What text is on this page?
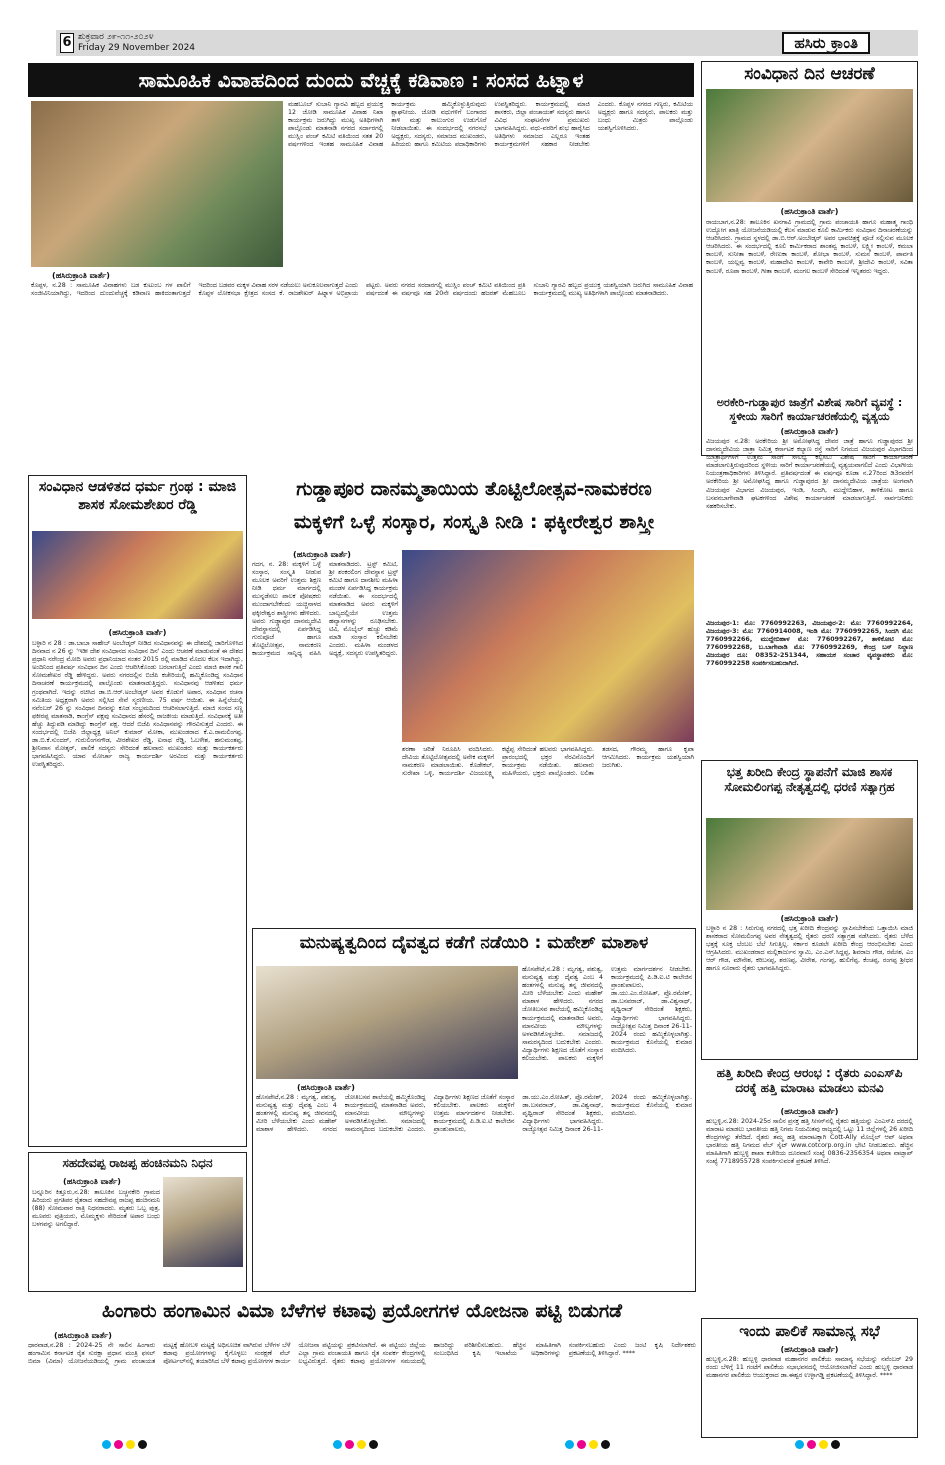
6 ಶುಕ್ರವಾರ ೨೯-೧೧-೨೦೨೪
Friday 29 November 2024	ಹಸಿರು ಕ್ರಾಂತಿ
ಸಾಮೂಹಿಕ ವಿವಾಹದಿಂದ ದುಂದು ವೆಚ್ಚಕ್ಕೆ ಕಡಿವಾಣ : ಸಂಸದ ಹಿಟ್ನಾಳ
(ಹಸಿರುಕ್ರಾಂತಿ ವಾರ್ತೆ)
ಮಹಬೂಬ್ ಸುಬಾನಿ ಗ್ಯಾರವಿ ಹಬ್ಬದ ಪ್ರಯುಕ್ತ 12 ಜೋಡಿ ಸಾಮೂಹಿಕ ವಿವಾಹ ನಿಖಾ ಕಾರ್ಯಕ್ರಮ ಜರುಗಿದ್ದು ಮುಖ್ಯ ಅತಿಥಿಗಳಾಗಿ ಪಾಲ್ಗೊಂಡು ಮಾತನಾಡಿ ನಗರದ ಸರ್ದಾರಗಲ್ಲಿ ಮುಸ್ಲಿಂ ಪಂಚ್ ಕಮಿಟಿ ವತಿಯಿಂದ ಸತತ 20 ವರ್ಷಗಳಿಂದ ಇಂತಹ ಸಾಮೂಹಿಕ ವಿವಾಹ ಕಾರ್ಯಕ್ರಮ ಹಮ್ಮಿಕೊಳ್ಳುತ್ತಿರುವುದು ಶ್ಲಾಘನೀಯ. ಜೋಡಿ ವಧುಗಳಿಗೆ ಬಂಗಾರದ ತಾಳಿ ಮತ್ತು ಕಾಲುಂಗುರ ಉಡುಗೊರೆ ನೀಡಲಾಯಿತು. ಈ ಸಂದರ್ಭದಲ್ಲಿ ನಗರಸಭೆ ಅಧ್ಯಕ್ಷರು, ಸದಸ್ಯರು, ಸಮಾಜದ ಮುಖಂಡರು, ಹಿರಿಯರು ಹಾಗೂ ಕಮಿಟಿಯ ಪದಾಧಿಕಾರಿಗಳು ಉಪಸ್ಥಿತರಿದ್ದರು. ಕಾರ್ಯಕ್ರಮದಲ್ಲಿ ಮಾಜಿ ಶಾಸಕರು, ಜಿಲ್ಲಾ ಪಂಚಾಯತ್ ಸದಸ್ಯರು ಹಾಗೂ ವಿವಿಧ ಸಂಘಟನೆಗಳ ಪ್ರಮುಖರು ಭಾಗವಹಿಸಿದ್ದರು. ವಧು-ವರರಿಗೆ ಶುಭ ಹಾರೈಸಿದ ಅತಿಥಿಗಳು ಸಮಾಜದ ಎಲ್ಲರೂ ಇಂತಹ ಕಾರ್ಯಕ್ರಮಗಳಿಗೆ ಸಹಕಾರ ನೀಡಬೇಕು ಎಂದರು. ಕೊಪ್ಪಳ ನಗರದ ಗಣ್ಯರು, ಕಮಿಟಿಯ ಅಧ್ಯಕ್ಷರು ಹಾಗೂ ಸದಸ್ಯರು, ಪಾಲಕರು ಮತ್ತು ಬಂಧು ಮಿತ್ರರು ಪಾಲ್ಗೊಂಡು ಯಶಸ್ವಿಗೊಳಿಸಿದರು.
ಕೊಪ್ಪಳ, ನ.28 : ಸಾಮೂಹಿಕ ವಿವಾಹಗಳು ಬಡ ಕುಟುಂಬ ಗಳ ಪಾಲಿಗೆ ಸಂಜೀವಿನಿಯಾಗಿದ್ದು, ಇದರಿಂದ ದುಂದುವೆಚ್ಚಕ್ಕೆ ಕಡಿವಾಣ ಹಾಕಿದಂತಾಗುತ್ತದೆ ಇದರಿಂದ ಬಡವರ ಮಕ್ಕಳ ವಿವಾಹ ಸರಳ ನಡೆಯಲು ಅನುಕೂಲವಾಗುತ್ತದೆ ಎಂದು ಕೊಪ್ಪಳ ಲೋಕಸಭಾ ಕ್ಷೇತ್ರದ ಸಂಸದ ಕೆ. ರಾಜಶೇಖರ್ ಹಿಟ್ನಾಳ ಅಭಿಪ್ರಾಯ ಪಟ್ಟರು. ಅವರು ನಗರದ ಸರದಾರಗಲ್ಲಿ ಮುಸ್ಲಿಂ ಪಂಚ್ ಕಮಿಟಿ ವತಿಯಿಂದ ಪ್ರತಿ ವರ್ಷದಂತೆ ಈ ವರ್ಷವೂ ಸಹ 20ನೇ ವರ್ಷದಂದು ಹಜರತ್ ಮೆಹಬೂಬ ಸುಬಾನಿ ಗ್ಯಾರವಿ ಹಬ್ಬದ ಪ್ರಯುಕ್ತ ಯಶಸ್ವಿಯಾಗಿ ಜರುಗಿದ ಸಾಮೂಹಿಕ ವಿವಾಹ ಕಾರ್ಯಕ್ರಮದಲ್ಲಿ ಮುಖ್ಯ ಅತಿಥಿಗಳಾಗಿ ಪಾಲ್ಗೊಂಡು ಮಾತನಾಡಿದರು.
ಸಂವಿಧಾನ ದಿನ ಆಚರಣೆ
(ಹಸಿರುಕ್ರಾಂತಿ ವಾರ್ತೆ)
ರಾಯಬಾಗ,ನ.28: ತಾಲೂಕಿನ ಖನಗಾವಿ ಗ್ರಾಮದಲ್ಲಿ ಗ್ರಾಮ ಪಂಚಾಯತಿ ಹಾಗೂ ಮಹಾತ್ಮ ಗಾಂಧಿ ಉದ್ಯೋಗ ಖಾತ್ರಿ ಯೋಜನೆಯಡಿಯಲ್ಲಿ ಕೆಲಸ ಮಾಡುವ ಕೂಲಿ ಕಾರ್ಮಿಕರು ಸಂವಿಧಾನ ದಿನಾಚರಣೆಯನ್ನು ಆಚರಿಸಿದರು. ಗ್ರಾಮದ ಸ್ಥಳದಲ್ಲಿ ಡಾ.ಬಿ.ಆರ್.ಅಂಬೇಡ್ಕರ್ ಅವರ ಭಾವಚಿತ್ರಕ್ಕೆ ಪೂಜೆ ಸಲ್ಲಿಸುವ ಮೂಲಕ ಆಚರಿಸಿದರು. ಈ ಸಂದರ್ಭದಲ್ಲಿ ಕೂಲಿ ಕಾರ್ಮಿಕರಾದ ಶಾಂತವ್ವ ಕಾಂಬಳೆ, ಲಕ್ಷ್ಮೀ ಕಾಂಬಳೆ, ಕಮಲಾ ಕಾಂಬಳೆ, ಸುನೀತಾ ಕಾಂಬಳೆ, ರೇಣುಕಾ ಕಾಂಬಳೆ, ಶೋಭಾ ಕಾಂಬಳೆ, ಸುಮನ ಕಾಂಬಳೆ, ಪಾರ್ವತಿ ಕಾಂಬಳೆ, ಯಲ್ಲವ್ವ ಕಾಂಬಳೆ, ಮಹಾದೇವಿ ಕಾಂಬಳೆ, ಕಾವೇರಿ ಕಾಂಬಳೆ, ಶ್ರೀದೇವಿ ಕಾಂಬಳೆ, ಸವಿತಾ ಕಾಂಬಳೆ, ರೂಪಾ ಕಾಂಬಳೆ, ಗೀತಾ ಕಾಂಬಳೆ, ಮಂಗಲ ಕಾಂಬಳೆ ಸೇರಿದಂತೆ ಇನ್ನಿತರರು ಇದ್ದರು.
ಅರಕೇರಿ-ಗುಡ್ಡಾಪುರ ಜಾತ್ರೆಗೆ ವಿಶೇಷ ಸಾರಿಗೆ ವ್ಯವಸ್ಥೆ : ಸ್ಥಳೀಯ ಸಾರಿಗೆ ಕಾರ್ಯಾಚರಣೆಯಲ್ಲಿ ವ್ಯತ್ಯಯ
(ಹಸಿರುಕ್ರಾಂತಿ ವಾರ್ತೆ)
ವಿಜಯಪುರ ನ.28: ಅರಕೇರಿಯ ಶ್ರೀ ಅಮೋಘಸಿದ್ಧ ದೇವರ ಜಾತ್ರೆ ಹಾಗೂ ಗುಡ್ಡಾಪುರದ ಶ್ರೀ ದಾನಮ್ಮದೇವಿಯ ಜಾತ್ರಾ ನಿಮಿತ್ತ ಕರ್ನಾಟಕ ಕಲ್ಯಾಣ ರಸ್ತೆ ಸಾರಿಗೆ ನಿಗಮದ ವಿಜಯಪುರ ವಿಭಾಗದಿಂದ ಯಾತ್ರಾರ್ಥಿಗಳಿಗೆ ಉತ್ತಮ ಸಾರಿಗೆ ಸೌಲಭ್ಯ ಕಲ್ಪಿಸಲು ವಿಶೇಷ ಸಾರಿಗೆ ಕಾರ್ಯಾಚರಣೆ ಮಾಡಲಾಗುತ್ತಿರುವುದರಿಂದ ಸ್ಥಳೀಯ ಸಾರಿಗೆ ಕಾರ್ಯಾಚರಣೆಯಲ್ಲಿ ವ್ಯತ್ಯಯವಾಗಲಿದೆ ಎಂದು ವಿಭಾಗೀಯ ನಿಯಂತ್ರಣಾಧಿಕಾರಿಗಳು ತಿಳಿಸಿದ್ದಾರೆ. ಪ್ರತಿವರ್ಷದಂತೆ ಈ ವರ್ಷವೂ ಕೂಡಾ ನ.27ರಿಂದ ಡಿ3ರವರೆಗೆ ಅರಕೇರಿಯ ಶ್ರೀ ಅಮೋಘಸಿದ್ಧ ಹಾಗೂ ಗುಡ್ಡಾಪುರದ ಶ್ರೀ ದಾನಮ್ಮದೇವಿಯ ಜಾತ್ರೆಯ ಅಂಗವಾಗಿ ವಿಜಯಪುರ ವಿಭಾಗದ ವಿಜಯಪುರ, ಇಂಡಿ, ಸಿಂದಗಿ, ಮುದ್ದೇಬಿಹಾಳ, ತಾಳಿಕೋಟ ಹಾಗೂ ಬಸವನಬಾಗೇವಾಡಿ ಘಟಕಗಳಿಂದ ವಿಶೇಷ ಕಾರ್ಯಾಚರಣೆ ಮಾಡಲಾಗುತ್ತಿದೆ. ಸಾರ್ವಜನಿಕರು ಸಹಕರಿಸಬೇಕು.
ವಿಜಯಪುರ-1: ಮೊ: 7760992263, ವಿಜಯಪುರ-2: ಮೊ: 7760992264, ವಿಜಯಪುರ-3: ಮೊ: 7760914008, ಇಂಡಿ ಮೊ: 7760992265, ಸಿಂದಗಿ ಮೊ: 7760992266, ಮುದ್ದೇಬಿಹಾಳ ಮೊ: 7760992267, ತಾಳಿಕೋಟಿ ಮೊ: 7760992268, ಬ.ಬಾಗೇವಾಡಿ ಮೊ: 7760992269, ಕೇಂದ್ರ ಬಸ್ ನಿಲ್ದಾಣ ವಿಜಯಪುರ ದೂ: 08352-251344, ಸಹಾಯಕ ಸಂಚಾರ ವ್ಯವಸ್ಥಾಪಕರು ಮೊ: 7760992258 ಸಂಪರ್ಕಿಸಬಹುದಾಗಿದೆ.
ಸಂವಿಧಾನ ಆಡಳಿತದ ಧರ್ಮ ಗ್ರಂಥ : ಮಾಜಿ ಶಾಸಕ ಸೋಮಶೇಖರ ರೆಡ್ಡಿ
(ಹಸಿರುಕ್ರಾಂತಿ ವಾರ್ತೆ)
ಬಳ್ಳಾರಿ ನ 28 : ಡಾ.ಬಾಬಾ ಸಾಹೇಬ್ ಅಂಬೇಡ್ಕರ್ ನೀಡಿದ ಸಂವಿಧಾನವನ್ನು ಈ ದೇಶದಲ್ಲಿ ಜಾರಿಗೊಳಿಸಿದ ದಿನವಾದ ನ 26 ನ್ನು 'ಇಡೀ ದೇಶ ಸಂವಿಧಾನದ ಸಂವಿಧಾನ ದಿನ' ಎಂದು ಆಚರಣೆ ಮಾಡುವಂತೆ ಈ ದೇಶದ ಪ್ರಧಾನಿ ನರೇಂದ್ರ ಮೋದಿ ಅವರು ಪ್ರಧಾನಿಯಾದ ನಂತರ 2015 ರಲ್ಲಿ ಮಾಡಿದ ಮೊದಲ ಕೆಲಸ ಇದಾಗಿದ್ದು, ಅಂದಿನಿಂದ ಪ್ರತಿವರ್ಷ ಸಂವಿಧಾನ ದಿನ ಎಂದು ಆಚರಿಸಿಕೊಂಡು ಬರಲಾಗುತ್ತಿದೆ ಎಂದು ಮಾಜಿ ಶಾಸಕ ಗಾಲಿ ಸೋಮಶೇಖರ ರೆಡ್ಡಿ ಹೇಳಿದ್ದರು. ಅವರು ನಗರದಲ್ಲಿನ ಬಿಜೆಪಿ ಕಚೇರಿಯಲ್ಲಿ ಹಮ್ಮಿಕೊಂಡಿದ್ದ ಸಂವಿಧಾನ ದಿನಾಚರಣೆ ಕಾರ್ಯಕ್ರಮದಲ್ಲಿ ಪಾಲ್ಗೊಂಡು ಮಾತನಾಡುತ್ತಿದ್ದರು. ಸಂವಿಧಾನವು ಆಡಳಿತದ ಧರ್ಮ ಗ್ರಂಥವಾಗಿದೆ. ಇದನ್ನು ರಚಿಸಿದ ಡಾ.ಬಿ.ಆರ್.ಅಂಬೇಡ್ಕರ್ ಅವರ ಕೊಡುಗೆ ಅಪಾರ, ಸಂವಿಧಾನ ರಚನಾ ಸಮಿತಿಯ ಅಧ್ಯಕ್ಷರಾಗಿ ಅವರು ಸಲ್ಲಿಸಿದ ಸೇವೆ ಸ್ಮರಣೀಯ. 75 ವರ್ಷ ಆಯಿತು. ಈ ಹಿನ್ನೆಲೆಯಲ್ಲಿ ನವೆಂಬರ್ 26 ನ್ನು ಸಂವಿಧಾನ ದಿನವನ್ನು ಕೂಡ ಸಂಭ್ರಮದಿಂದ ಆಚರಿಸಲಾಗುತ್ತಿದೆ. ಮಾಜಿ ಸಂಸದ ಸಣ್ಣ ಫಕೀರಪ್ಪ ಮಾತನಾಡಿ, ಕಾಂಗ್ರೆಸ್ ಪಕ್ಷವು ಸಂವಿಧಾನದ ಹೆಸರಲ್ಲಿ ರಾಜಕೀಯ ಮಾಡುತ್ತಿದೆ. ಸಂವಿಧಾನಕ್ಕೆ ಅತೀ ಹೆಚ್ಚು ತಿದ್ದುಪಡಿ ಮಾಡಿದ್ದು ಕಾಂಗ್ರೆಸ್ ಪಕ್ಷ. ಆದರೆ ಬಿಜೆಪಿ ಸಂವಿಧಾನವನ್ನು ಗೌರವಿಸುತ್ತದೆ ಎಂದರು. ಈ ಸಂದರ್ಭದಲ್ಲಿ ಬಿಜೆಪಿ ಜಿಲ್ಲಾಧ್ಯಕ್ಷ ಅನಿಲ್ ಕುಮಾರ್ ಮೋಕಾ, ಮುಖಂಡರಾದ ಕೆ.ಎ.ರಾಮಲಿಂಗಪ್ಪ, ಡಾ.ಬಿ.ಕೆ.ಸುಂದರ್, ಗುರುಲಿಂಗನಗೌಡ, ವೀರಶೇಖರ ರೆಡ್ಡಿ, ಐನಾಥ ರೆಡ್ಡಿ, ಓಬಳೇಶ, ಹನುಮಂತಪ್ಪ, ಶ್ರೀನಿವಾಸ ಮೋತ್ಕರ್, ಪಾಲಿಕೆ ಸದಸ್ಯರು ಸೇರಿದಂತೆ ಹಲವಾರು ಮುಖಂಡರು ಮತ್ತು ಕಾರ್ಯಕರ್ತರು ಭಾಗವಹಿಸಿದ್ದರು. ಯಾವ ಮೋರ್ಚಾ ರಾಜ್ಯ ಕಾರ್ಯದರ್ಶಿ ಅರವಿಂದ ಮತ್ತು ಕಾರ್ಯಕರ್ತರು ಉಪಸ್ಥಿತರಿದ್ದರು.
ಗುಡ್ಡಾಪೂರ ದಾನಮ್ಮತಾಯಿಯ ತೊಟ್ಟಿಲೋತ್ಸವ-ನಾಮಕರಣ
ಮಕ್ಕಳಿಗೆ ಒಳ್ಳೆ ಸಂಸ್ಕಾರ, ಸಂಸ್ಕೃತಿ ನೀಡಿ : ಫಕ್ಕೀರೇಶ್ವರ ಶಾಸ್ತ್ರೀ
(ಹಸಿರುಕ್ರಾಂತಿ ವಾರ್ತೆ)
ಗದಗ, ನ. 28: ಮಕ್ಕಳಿಗೆ ಒಳ್ಳೆ ಸಂಸ್ಕಾರ, ಸಂಸ್ಕೃತಿ ನೀಡುವ ಮೂಲಕ ಅವರಿಗೆ ಉತ್ತಮ ಶಿಕ್ಷಣ ನೀಡಿ ಧರ್ಮ ಮಾರ್ಗದಲ್ಲಿ ಮುನ್ನಡೆಸಲು ಪಾಲಕ ಪೋಷಕರು ಮುಂದಾಗಬೇಕೆಂದು ಯಚ್ಚಿನಾಳದ ಫಕ್ಕೀರೇಶ್ವರ ಶಾಸ್ತ್ರೀಗಳು ಹೇಳಿದರು. ಅವರು ಗುಡ್ಡಾಪುರ ದಾನಮ್ಮದೇವಿ ದೇವಸ್ಥಾನದಲ್ಲಿ ಏರ್ಪಡಿಸಿದ್ದ ಗುರುಪೂಜೆ ಹಾಗೂ ತೊಟ್ಟಿಲೋತ್ಸವ, ನಾಮಕರಣ ಕಾರ್ಯಕ್ರಮದ ಸಾನ್ನಿಧ್ಯ ವಹಿಸಿ ಮಾತನಾಡಿದರು. ಟ್ರಸ್ಟ್ ಕಮಿಟಿ, ಶ್ರೀ ಶಂಕರಲಿಂಗ ದೇವಸ್ಥಾನ ಟ್ರಸ್ಟ್ ಕಮಿಟಿ ಹಾಗೂ ದಾನಶೀಲ ಮಹಿಳಾ ಮಂಡಳ ಏರ್ಪಡಿಸಿದ್ದ ಕಾರ್ಯಕ್ರಮ ನಡೆಯಿತು. ಈ ಸಂದರ್ಭದಲ್ಲಿ ಮಾತನಾಡಿದ ಅವರು ಮಕ್ಕಳಿಗೆ ಬಾಲ್ಯದಲ್ಲಿಯೇ ಉತ್ತಮ ಹವ್ಯಾಸಗಳನ್ನು ರೂಢಿಸಬೇಕು. ಟಿವಿ, ಮೊಬೈಲ್ ಹುಚ್ಚು ಕಡಿಮೆ ಮಾಡಿ ಸಂಸ್ಕಾರ ಕಲಿಸಬೇಕು ಎಂದರು. ಮಹಿಳಾ ಮಂಡಳದ ಅಧ್ಯಕ್ಷೆ, ಸದಸ್ಯರು ಉಪಸ್ಥಿತರಿದ್ದರು.
ಶರಣಾ ಚರಿತೆ ನಿರೂಪಿಸಿ ವಂದಿಸಿದರು. ದೇವಿಯ ತೊಟ್ಟಿಲೋತ್ಸವದಲ್ಲಿ ಅನೇಕ ಮಕ್ಕಳಿಗೆ ನಾಮಕರಣ ಮಾಡಲಾಯಿತು. ಕೊಡೇಕಲ್, ಸುರೇಖಾ ಒಳ್ಳಿ, ಕಾರ್ಯದರ್ಶಿ ವಿಜಯಲಕ್ಷ್ಮಿ ಕಟ್ಟೆಪ್ಪ ಸೇರಿದಂತೆ ಹಲವರು ಭಾಗವಹಿಸಿದ್ದರು. ಪ್ರಾರಂಭದಲ್ಲಿ ಭಕ್ತರ ನೆರವಿನೊಂದಿಗೆ ಕಾರ್ಯಕ್ರಮ ನಡೆಯಿತು. ಹಲವಾರು ಮಹಿಳೆಯರು, ಭಕ್ತರು ಪಾಲ್ಗೊಂಡರು. ಲಲಿತಾ ತಡಸದ, ಗೌರಮ್ಮ ಹಾಗೂ ಕೃಪಾ ಆಗಮಿಸಿದರು. ಕಾರ್ಯಕ್ರಮ ಯಶಸ್ವಿಯಾಗಿ ಜರುಗಿತು.	ಭತ್ತ ಖರೀದಿ ಕೇಂದ್ರ ಸ್ಥಾಪನೆಗೆ ಮಾಜಿ ಶಾಸಕ ಸೋಮಲಿಂಗಪ್ಪ ನೇತೃತ್ವದಲ್ಲಿ ಧರಣಿ ಸತ್ಯಾಗ್ರಹ
(ಹಸಿರುಕ್ರಾಂತಿ ವಾರ್ತೆ)
ಬಳ್ಳಾರಿ ನ 28 : ಸಿರುಗುಪ್ಪ ನಗರದಲ್ಲಿ ಭತ್ತ ಖರೀದಿ ಕೇಂದ್ರವನ್ನು ಸ್ಥಾಪಿಸಬೇಕೆಂದು ಒತ್ತಾಯಿಸಿ ಮಾಜಿ ಶಾಸಕರಾದ ಸೋಮಲಿಂಗಪ್ಪ ಅವರ ನೇತೃತ್ವದಲ್ಲಿ ರೈತರು ಧರಣಿ ಸತ್ಯಾಗ್ರಹ ನಡೆಸಿದರು. ರೈತರು ಬೆಳೆದ ಭತ್ತಕ್ಕೆ ಸೂಕ್ತ ಬೆಂಬಲ ಬೆಲೆ ಸಿಗುತ್ತಿಲ್ಲ. ಸರ್ಕಾರ ಕೂಡಲೇ ಖರೀದಿ ಕೇಂದ್ರ ಆರಂಭಿಸಬೇಕು ಎಂದು ಆಗ್ರಹಿಸಿದರು. ಮುಖಂಡರಾದ ಮಲ್ಲಿಕಾರ್ಜುನ ಸ್ವಾಮಿ, ಎಂ.ಎಸ್.ಸಿದ್ದಪ್ಪ, ಶಿವರಾಜ ಗೌಡ, ರಮೇಶ, ಎಂ ಆರ್ ಗೌಡ, ಮೌನೇಶ, ಕರಿಬಸಪ್ಪ, ಶರಣಪ್ಪ, ವೀರೇಶ, ಗಂಗಪ್ಪ, ಹುಲಿಗೆಪ್ಪ, ಕೆಂಚಪ್ಪ, ರಂಗಪ್ಪ ಶ್ರೀಧರ ಹಾಗೂ ನೂರಾರು ರೈತರು ಭಾಗವಹಿಸಿದ್ದರು.
ಹತ್ತಿ ಖರೀದಿ ಕೇಂದ್ರ ಆರಂಭ : ರೈತರು ಎಂಎಸ್‌ಪಿ ದರಕ್ಕೆ ಹತ್ತಿ ಮಾರಾಟ ಮಾಡಲು ಮನವಿ
(ಹಸಿರುಕ್ರಾಂತಿ ವಾರ್ತೆ)
ಹುಬ್ಬಳ್ಳಿ,ನ.28: 2024-25ರ ಸಾಲಿನ ಪ್ರಸಕ್ತ ಹತ್ತಿ ಸೀಸನ್‌ನಲ್ಲಿ ರೈತರು ಹತ್ತಿಯನ್ನು ಎಂಎಸ್‌ಪಿ ದರದಲ್ಲಿ ಮಾರಾಟ ಮಾಡಲು ಭಾರತೀಯ ಹತ್ತಿ ನಿಗಮ ನಿಯಮಿತವು ರಾಜ್ಯದಲ್ಲಿ ಒಟ್ಟು 11 ಜಿಲ್ಲೆಗಳಲ್ಲಿ 26 ಖರೀದಿ ಕೇಂದ್ರಗಳನ್ನು ತೆರೆದಿದೆ. ರೈತರು ತಮ್ಮ ಹತ್ತಿ ಮಾರಾಟಕ್ಕಾಗಿ Cott-Ally ಮೊಬೈಲ್ ಆಪ್ ಅಥವಾ ಭಾರತೀಯ ಹತ್ತಿ ನಿಗಮದ ವೆಬ್ ಸೈಟ್ www.cotcorp.org.in ಭೇಟಿ ನೀಡಬಹುದು. ಹೆಚ್ಚಿನ ಮಾಹಿತಿಗಾಗಿ ಹುಬ್ಬಳ್ಳಿ ಶಾಖಾ ಕಚೇರಿಯ ದೂರವಾಣಿ ಸಂಖ್ಯೆ 0836-2356354 ಅಥವಾ ವಾಟ್ಸಾಪ್ ಸಂಖ್ಯೆ 7718955728 ಸಂಪರ್ಕಿಸುವಂತೆ ಪ್ರಕಟಣೆ ತಿಳಿಸಿದೆ.
ಮನುಷ್ಯತ್ವದಿಂದ ದೈವತ್ವದ ಕಡೆಗೆ ನಡೆಯಿರಿ : ಮಹೇಶ್ ಮಾಶಾಳ
(ಹಸಿರುಕ್ರಾಂತಿ ವಾರ್ತೆ)
ಹೊಸಪೇಟೆ,ನ.28 : ಮೃಗತ್ವ, ಪಶುತ್ವ, ಮನುಷ್ಯತ್ವ ಮತ್ತು ದೈವತ್ವ ಎಂಬ 4 ಹಂತಗಳಲ್ಲಿ ಮನುಷ್ಯ ತನ್ನ ಜೀವನದಲ್ಲಿ ಮೀರಿ ಬೆಳೆಯಬೇಕು ಎಂದು ಮಹೇಶ್ ಮಾಶಾಳ ಹೇಳಿದರು. ನಗರದ ಜೋತಿಬಸವ ಶಾಲೆಯಲ್ಲಿ ಹಮ್ಮಿಕೊಂಡಿದ್ದ ಕಾರ್ಯಕ್ರಮದಲ್ಲಿ ಮಾತನಾಡಿದ ಅವರು, ಮಾನವೀಯ ಮೌಲ್ಯಗಳನ್ನು ಅಳವಡಿಸಿಕೊಳ್ಳಬೇಕು. ಸಮಾಜದಲ್ಲಿ ಸಾಮರಸ್ಯದಿಂದ ಬದುಕಬೇಕು ಎಂದರು. ವಿದ್ಯಾರ್ಥಿಗಳು ಶಿಕ್ಷಣದ ಜೊತೆಗೆ ಸಂಸ್ಕಾರ ಕಲಿಯಬೇಕು. ಪಾಲಕರು ಮಕ್ಕಳಿಗೆ ಉತ್ತಮ ಮಾರ್ಗದರ್ಶನ ನೀಡಬೇಕು. ಕಾರ್ಯಕ್ರಮದಲ್ಲಿ ಪಿ.ಡಿ.ಐ.ಟಿ ಕಾಲೇಜಿನ ಪ್ರಾಂಶುಪಾಲರು, ಡಾ.ಯು.ಎಂ.ರೋಹಿತ್, ಪ್ರೊ.ರಮೇಶ್, ಡಾ.ಬಸವರಾಜ್, ಡಾ.ವಿಶ್ವನಾಥ್, ಪೃಥ್ವಿರಾಜ್ ಸೇರಿದಂತೆ ಶಿಕ್ಷಕರು, ವಿದ್ಯಾರ್ಥಿಗಳು ಭಾಗವಹಿಸಿದ್ದರು. ರಾಜ್ಯೋತ್ಸವ ನಿಮಿತ್ತ ದಿನಾಂಕ 26-11-2024 ರಂದು ಹಮ್ಮಿಕೊಳ್ಳಲಾಗಿತ್ತು. ಕಾರ್ಯಕ್ರಮದ ಕೊನೆಯಲ್ಲಿ ಕುಮಾರ ವಂದಿಸಿದರು.
ಹೊಸಪೇಟೆ,ನ.28 : ಮೃಗತ್ವ, ಪಶುತ್ವ, ಮನುಷ್ಯತ್ವ ಮತ್ತು ದೈವತ್ವ ಎಂಬ 4 ಹಂತಗಳಲ್ಲಿ ಮನುಷ್ಯ ತನ್ನ ಜೀವನದಲ್ಲಿ ಮೀರಿ ಬೆಳೆಯಬೇಕು ಎಂದು ಮಹೇಶ್ ಮಾಶಾಳ ಹೇಳಿದರು. ನಗರದ ಜೋತಿಬಸವ ಶಾಲೆಯಲ್ಲಿ ಹಮ್ಮಿಕೊಂಡಿದ್ದ ಕಾರ್ಯಕ್ರಮದಲ್ಲಿ ಮಾತನಾಡಿದ ಅವರು, ಮಾನವೀಯ ಮೌಲ್ಯಗಳನ್ನು ಅಳವಡಿಸಿಕೊಳ್ಳಬೇಕು. ಸಮಾಜದಲ್ಲಿ ಸಾಮರಸ್ಯದಿಂದ ಬದುಕಬೇಕು ಎಂದರು. ವಿದ್ಯಾರ್ಥಿಗಳು ಶಿಕ್ಷಣದ ಜೊತೆಗೆ ಸಂಸ್ಕಾರ ಕಲಿಯಬೇಕು. ಪಾಲಕರು ಮಕ್ಕಳಿಗೆ ಉತ್ತಮ ಮಾರ್ಗದರ್ಶನ ನೀಡಬೇಕು. ಕಾರ್ಯಕ್ರಮದಲ್ಲಿ ಪಿ.ಡಿ.ಐ.ಟಿ ಕಾಲೇಜಿನ ಪ್ರಾಂಶುಪಾಲರು, ಡಾ.ಯು.ಎಂ.ರೋಹಿತ್, ಪ್ರೊ.ರಮೇಶ್, ಡಾ.ಬಸವರಾಜ್, ಡಾ.ವಿಶ್ವನಾಥ್, ಪೃಥ್ವಿರಾಜ್ ಸೇರಿದಂತೆ ಶಿಕ್ಷಕರು, ವಿದ್ಯಾರ್ಥಿಗಳು ಭಾಗವಹಿಸಿದ್ದರು. ರಾಜ್ಯೋತ್ಸವ ನಿಮಿತ್ತ ದಿನಾಂಕ 26-11-2024 ರಂದು ಹಮ್ಮಿಕೊಳ್ಳಲಾಗಿತ್ತು. ಕಾರ್ಯಕ್ರಮದ ಕೊನೆಯಲ್ಲಿ ಕುಮಾರ ವಂದಿಸಿದರು.
ಸಹದೇವಪ್ಪ ರಾಜಪ್ಪ ಹಂಚಿನಮನಿ ನಿಧನ
(ಹಸಿರುಕ್ರಾಂತಿ ವಾರ್ತೆ)
ಬನ್ನೂರಿನ ಕಿತ್ತೂರು,ನ.28: ತಾಲೂಕಿನ ಬಚ್ಚನಕೇರಿ ಗ್ರಾಮದ ಹಿರಿಯರು ಪ್ರಗತಿಪರ ರೈತರಾದ ಸಹದೇವಪ್ಪ ರಾಜಪ್ಪ ಹಂಚಿನಮನಿ (88) ಸೋಮವಾರ ರಾತ್ರಿ ನಿಧನರಾದರು. ಮೃತರು ಒಬ್ಬ ಪುತ್ರ, ಮೂವರು ಪುತ್ರಿಯರು, ಮೊಮ್ಮಕ್ಕಳು ಸೇರಿದಂತೆ ಅಪಾರ ಬಂಧು ಬಳಗವನ್ನು ಅಗಲಿದ್ದಾರೆ.
ಹಿಂಗಾರು ಹಂಗಾಮಿನ ವಿಮಾ ಬೆಳೆಗಳ ಕಟಾವು ಪ್ರಯೋಗಗಳ ಯೋಜನಾ ಪಟ್ಟಿ ಬಿಡುಗಡೆ
(ಹಸಿರುಕ್ರಾಂತಿ ವಾರ್ತೆ)
ಧಾರವಾಡ,ನ.28 : 2024-25 ನೇ ಸಾಲಿನ ಹಿಂಗಾರು ಹಂಗಾಮಿನ ಕರ್ನಾಟಕ ರೈತ ಸುರಕ್ಷಾ ಪ್ರಧಾನ ಮಂತ್ರಿ ಫಸಲ್ ಬಿಮಾ (ವಿಮಾ) ಯೋಜನೆಯಡಿಯಲ್ಲಿ ಗ್ರಾಮ ಪಂಚಾಯತ ಮಟ್ಟಕ್ಕೆ ಹೋಬಳಿ ಮಟ್ಟಕ್ಕೆ ಅಧಿಸೂಚಿತ ವಾಗಿರುವ ಬೆಳೆಗಳ ಬೆಳೆ ಕಟಾವು ಪ್ರಯೋಗಗಳನ್ನು ಕೈಗೊಳ್ಳಲು ಸಂರಕ್ಷಣೆ ವೆಬ್ ಪೋರ್ಟಲ್‌ನಲ್ಲಿ ತಯಾರಿಸಿದ ಬೆಳೆ ಕಟಾವು ಪ್ರಯೋಗಗಳ ಕಾರ್ಯ ಯೋಜನಾ ಪಟ್ಟಿಯನ್ನು ಪ್ರಕಟಿಸಲಾಗಿದೆ. ಈ ಪಟ್ಟಿಯು ಜಿಲ್ಲೆಯ ಎಲ್ಲಾ ಗ್ರಾಮ ಪಂಚಾಯತಿ ಹಾಗೂ ರೈತ ಸಂಪರ್ಕ ಕೇಂದ್ರಗಳಲ್ಲಿ ಲಭ್ಯವಿರುತ್ತದೆ. ರೈತರು ಕಟಾವು ಪ್ರಯೋಗಗಳ ಸಮಯದಲ್ಲಿ ಹಾಜರಿದ್ದು ಪರಿಶೀಲಿಸಬಹುದು. ಹೆಚ್ಚಿನ ಮಾಹಿತಿಗಾಗಿ ಸಂಬಂಧಿಸಿದ ಕೃಷಿ ಇಲಾಖೆಯ ಅಧಿಕಾರಿಗಳನ್ನು ಸಂಪರ್ಕಿಸಬಹುದು ಎಂದು ಜಂಟಿ ಕೃಷಿ ನಿರ್ದೇಶಕರು ಪ್ರಕಟಣೆಯಲ್ಲಿ ತಿಳಿಸಿದ್ದಾರೆ. ****
ಇಂದು ಪಾಲಿಕೆ ಸಾಮಾನ್ಯ ಸಭೆ
(ಹಸಿರುಕ್ರಾಂತಿ ವಾರ್ತೆ)
ಹುಬ್ಬಳ್ಳಿ,ನ.28: ಹುಬ್ಬಳ್ಳಿ ಧಾರವಾಡ ಮಹಾನಗರ ಪಾಲಿಕೆಯ ಸಾಮಾನ್ಯ ಸಭೆಯನ್ನು ನವೆಂಬರ್ 29 ರಂದು ಬೆಳಿಗ್ಗೆ 11 ಗಂಟೆಗೆ ಪಾಲಿಕೆಯ ಸಭಾಭವನದಲ್ಲಿ ಆಯೋಜಿಸಲಾಗಿದೆ ಎಂದು ಹುಬ್ಬಳ್ಳಿ ಧಾರವಾಡ ಮಹಾನಗರ ಪಾಲಿಕೆಯ ಆಯುಕ್ತರಾದ ಡಾ.ಈಶ್ವರ ಉಳ್ಳಾಗಡ್ಡಿ ಪ್ರಕಟಣೆಯಲ್ಲಿ ತಿಳಿಸಿದ್ದಾರೆ. ****
